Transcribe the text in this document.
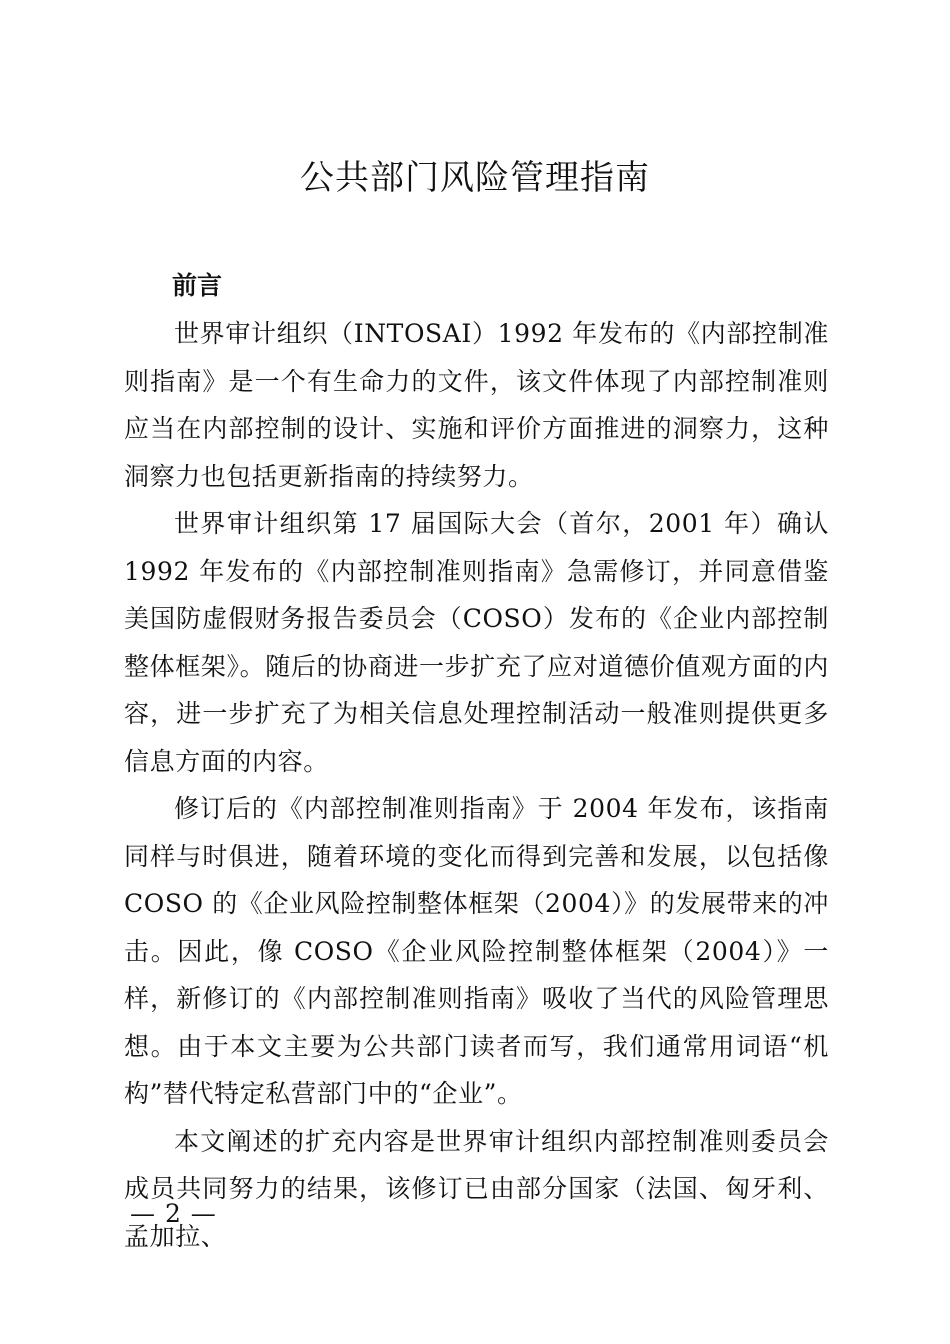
公共部门风险管理指南
前言

世界审计组织（INTOSAI）1992 年发布的《内部控制准则指南》是一个有生命力的文件，该文件体现了内部控制准则应当在内部控制的设计、实施和评价方面推进的洞察力，这种洞察力也包括更新指南的持续努力。

世界审计组织第 17 届国际大会（首尔，2001 年）确认 1992 年发布的《内部控制准则指南》急需修订，并同意借鉴美国防虚假财务报告委员会（COSO）发布的《企业内部控制整体框架》。随后的协商进一步扩充了应对道德价值观方面的内容，进一步扩充了为相关信息处理控制活动一般准则提供更多信息方面的内容。

修订后的《内部控制准则指南》于 2004 年发布，该指南同样与时俱进，随着环境的变化而得到完善和发展，以包括像 COSO 的《企业风险控制整体框架（2004）》的发展带来的冲击。因此，像 COSO《企业风险控制整体框架（2004）》一样，新修订的《内部控制准则指南》吸收了当代的风险管理思想。由于本文主要为公共部门读者而写，我们通常用词语“机构”替代特定私营部门中的“企业”。

本文阐述的扩充内容是世界审计组织内部控制准则委员会成员共同努力的结果，该修订已由部分国家（法国、匈牙利、孟加拉、

— 2 —
